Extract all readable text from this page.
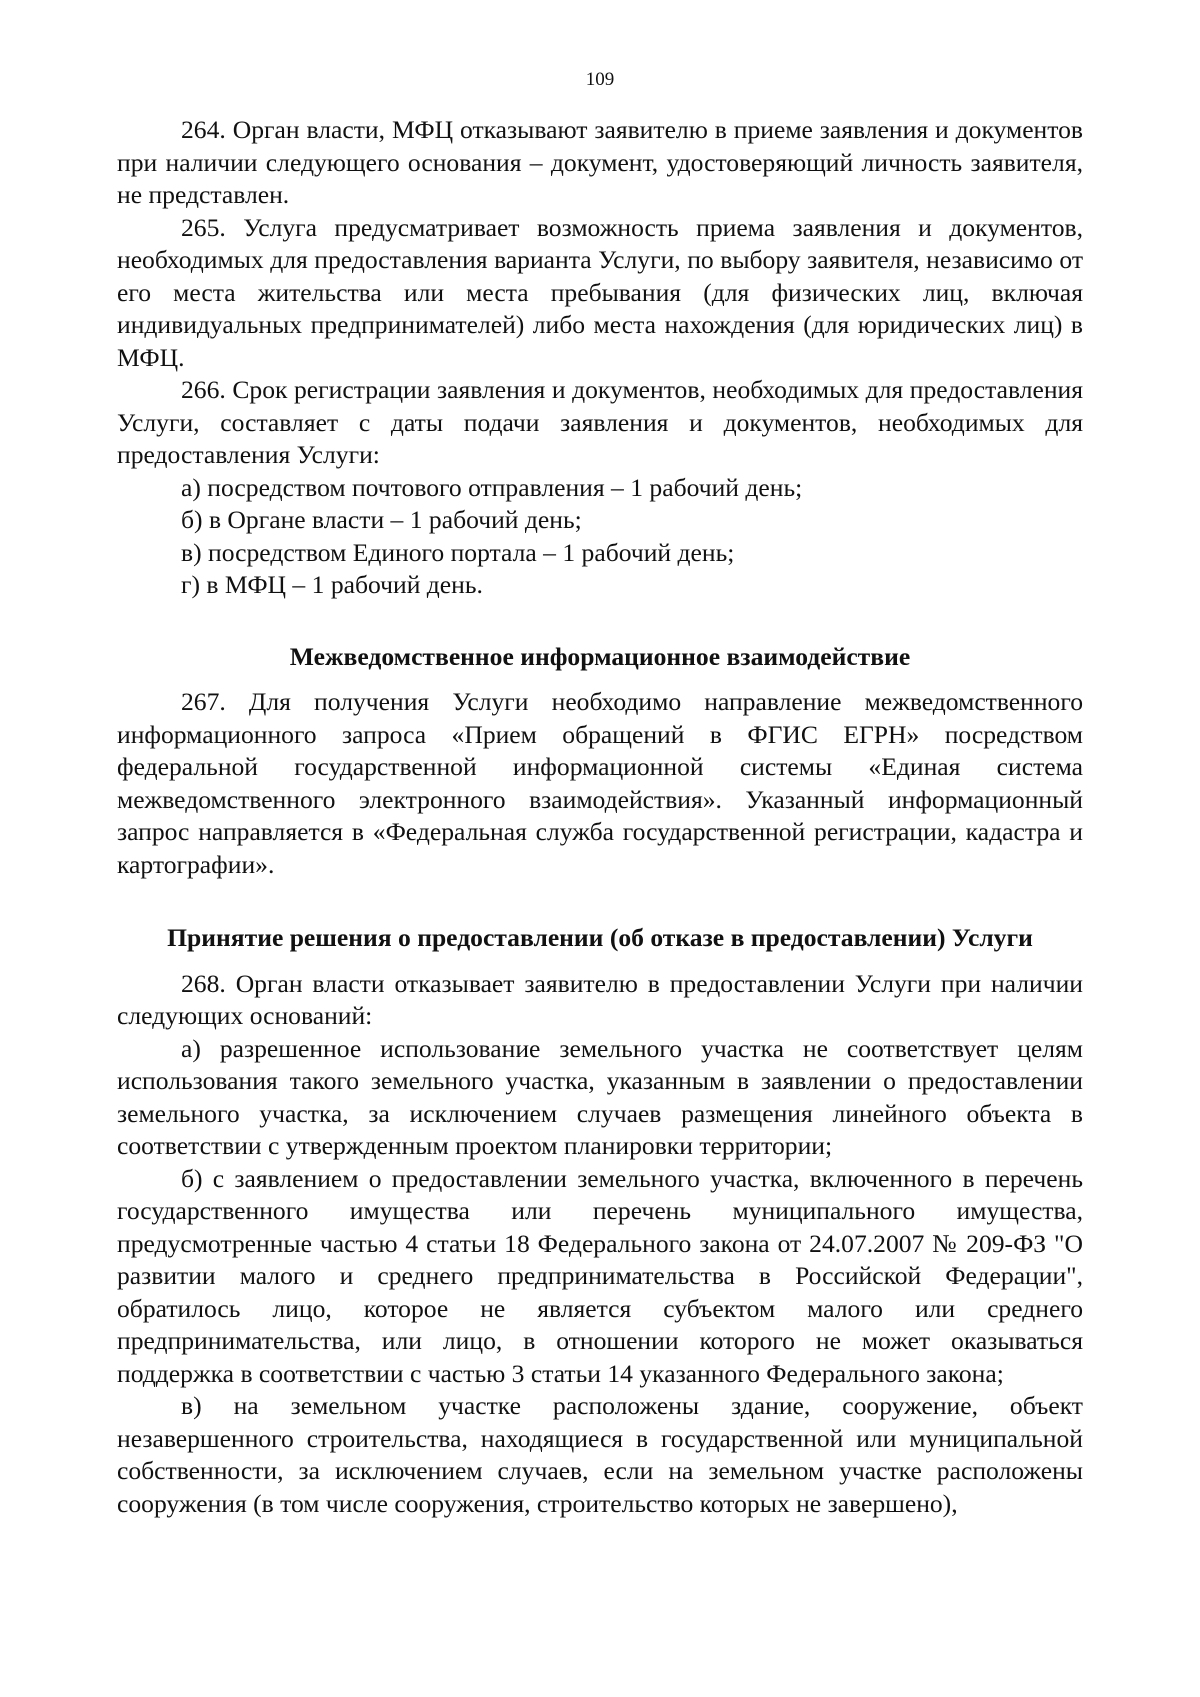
109

264. Орган власти, МФЦ отказывают заявителю в приеме заявления и документов при наличии следующего основания – документ, удостоверяющий личность заявителя, не представлен.

265. Услуга предусматривает возможность приема заявления и документов, необходимых для предоставления варианта Услуги, по выбору заявителя, независимо от его места жительства или места пребывания (для физических лиц, включая индивидуальных предпринимателей) либо места нахождения (для юридических лиц) в МФЦ.

266. Срок регистрации заявления и документов, необходимых для предоставления Услуги, составляет с даты подачи заявления и документов, необходимых для предоставления Услуги:

а) посредством почтового отправления – 1 рабочий день;

б) в Органе власти – 1 рабочий день;

в) посредством Единого портала – 1 рабочий день;

г) в МФЦ – 1 рабочий день.

Межведомственное информационное взаимодействие

267. Для получения Услуги необходимо направление межведомственного информационного запроса «Прием обращений в ФГИС ЕГРН» посредством федеральной государственной информационной системы «Единая система межведомственного электронного взаимодействия». Указанный информационный запрос направляется в «Федеральная служба государственной регистрации, кадастра и картографии».

Принятие решения о предоставлении (об отказе в предоставлении) Услуги

268. Орган власти отказывает заявителю в предоставлении Услуги при наличии следующих оснований:

а) разрешенное использование земельного участка не соответствует целям использования такого земельного участка, указанным в заявлении о предоставлении земельного участка, за исключением случаев размещения линейного объекта в соответствии с утвержденным проектом планировки территории;

б) с заявлением о предоставлении земельного участка, включенного в перечень государственного имущества или перечень муниципального имущества, предусмотренные частью 4 статьи 18 Федерального закона от 24.07.2007 № 209-ФЗ "О развитии малого и среднего предпринимательства в Российской Федерации", обратилось лицо, которое не является субъектом малого или среднего предпринимательства, или лицо, в отношении которого не может оказываться поддержка в соответствии с частью 3 статьи 14 указанного Федерального закона;

в) на земельном участке расположены здание, сооружение, объект незавершенного строительства, находящиеся в государственной или муниципальной собственности, за исключением случаев, если на земельном участке расположены сооружения (в том числе сооружения, строительство которых не завершено),
